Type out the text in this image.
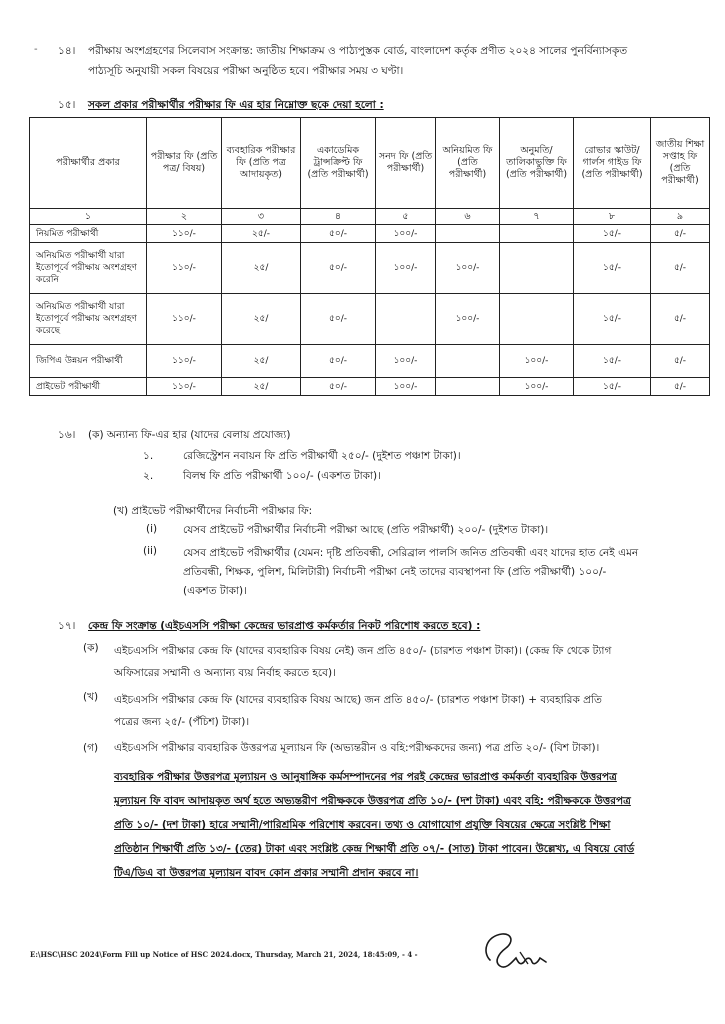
- ১৪। পরীক্ষায় অংশগ্রহণের সিলেবাস সংক্রান্ত: জাতীয় শিক্ষাক্রম ও পাঠ্যপুস্তক বোর্ড, বাংলাদেশ কর্তৃক প্রণীত ২০২৪ সালের পুনর্বিন্যাসকৃত
পাঠ্যসূচি অনুযায়ী সকল বিষয়ের পরীক্ষা অনুষ্ঠিত হবে। পরীক্ষার সময় ৩ ঘণ্টা।
১৫। সকল প্রকার পরীক্ষার্থীর পরীক্ষার ফি এর হার নিম্নোক্ত ছকে দেয়া হলো :
পরীক্ষার্থীর প্রকার	পরীক্ষার ফি (প্রতি পত্র/ বিষয়)	ব্যবহারিক পরীক্ষার ফি (প্রতি পত্র আদায়কৃত)	একাডেমিক ট্রান্সক্রিপ্ট ফি (প্রতি পরীক্ষার্থী)	সনদ ফি (প্রতি পরীক্ষার্থী)	অনিয়মিত ফি (প্রতি পরীক্ষার্থী)	অনুমতি/ তালিকাভুক্তি ফি (প্রতি পরীক্ষার্থী)	রোভার স্কাউট/গার্লস গাইড ফি (প্রতি পরীক্ষার্থী)	জাতীয় শিক্ষা সপ্তাহ ফি (প্রতি পরীক্ষার্থী)
১	২	৩	৪	৫	৬	৭	৮	৯
নিয়মিত পরীক্ষার্থী	১১০/-	২৫/-	৫০/-	১০০/-			১৫/-	৫/-
অনিয়মিত পরীক্ষার্থী যারা ইতোপূর্বে পরীক্ষায় অংশগ্রহণ করেনি	১১০/-	২৫/	৫০/-	১০০/-	১০০/-		১৫/-	৫/-
অনিয়মিত পরীক্ষার্থী যারা ইতোপূর্বে পরীক্ষায় অংশগ্রহণ করেছে	১১০/-	২৫/	৫০/-		১০০/-		১৫/-	৫/-
জিপিএ উন্নয়ন পরীক্ষার্থী	১১০/-	২৫/	৫০/-	১০০/-		১০০/-	১৫/-	৫/-
প্রাইভেট পরীক্ষার্থী	১১০/-	২৫/	৫০/-	১০০/-		১০০/-	১৫/-	৫/-
১৬। (ক) অন্যান্য ফি-এর হার (যাদের বেলায় প্রযোজ্য)
১.	রেজিস্ট্রেশন নবায়ন ফি প্রতি পরীক্ষার্থী ২৫০/- (দুইশত পঞ্চাশ টাকা)।
২.	বিলম্ব ফি প্রতি পরীক্ষার্থী ১০০/- (একশত টাকা)।
(খ) প্রাইভেট পরীক্ষার্থীদের নির্বাচনী পরীক্ষার ফি:
(i) যেসব প্রাইভেট পরীক্ষার্থীর নির্বাচনী পরীক্ষা আছে (প্রতি পরীক্ষার্থী) ২০০/- (দুইশত টাকা)।
(ii) যেসব প্রাইভেট পরীক্ষার্থীর (যেমন: দৃষ্টি প্রতিবন্ধী, সেরিব্রাল পালসি জনিত প্রতিবন্ধী এবং যাদের হাত নেই এমন
প্রতিবন্ধী, শিক্ষক, পুলিশ, মিলিটারী) নির্বাচনী পরীক্ষা নেই তাদের ব্যবস্থাপনা ফি (প্রতি পরীক্ষার্থী) ১০০/-
(একশত টাকা)।
১৭। কেন্দ্র ফি সংক্রান্ত (এইচএসসি পরীক্ষা কেন্দ্রের ভারপ্রাপ্ত কর্মকর্তার নিকট পরিশোধ করতে হবে) :
(ক) এইচএসসি পরীক্ষার কেন্দ্র ফি (যাদের ব্যবহারিক বিষয় নেই) জন প্রতি ৪৫০/- (চারশত পঞ্চাশ টাকা)। (কেন্দ্র ফি থেকে ট্যাগ
অফিসারের সম্মানী ও অন্যান্য ব্যয় নির্বাহ করতে হবে)।
(খ) এইচএসসি পরীক্ষার কেন্দ্র ফি (যাদের ব্যবহারিক বিষয় আছে) জন প্রতি ৪৫০/- (চারশত পঞ্চাশ টাকা) + ব্যবহারিক প্রতি
পত্রের জন্য ২৫/- (পঁচিশ) টাকা)।
(গ) এইচএসসি পরীক্ষার ব্যবহারিক উত্তরপত্র মূল্যায়ন ফি (অভ্যন্তরীন ও বহি:পরীক্ষকদের জন্য) পত্র প্রতি ২০/- (বিশ টাকা)।
ব্যবহারিক পরীক্ষার উত্তরপত্র মূল্যায়ন ও আনুষাঙ্গিক কর্মসম্পাদনের পর পরই কেন্দ্রের ভারপ্রাপ্ত কর্মকর্তা ব্যবহারিক উত্তরপত্র
মূল্যায়ন ফি বাবদ আদায়কৃত অর্থ হতে অভ্যন্তরীণ পরীক্ষককে উত্তরপত্র প্রতি ১০/- (দশ টাকা) এবং বহি: পরীক্ষককে উত্তরপত্র
প্রতি ১০/- (দশ টাকা) হারে সম্মানী/পারিশ্রমিক পরিশোধ করবেন। তথ্য ও যোগাযোগ প্রযুক্তি বিষয়ের ক্ষেত্রে সংশ্লিষ্ট শিক্ষা
প্রতিষ্ঠান শিক্ষার্থী প্রতি ১৩/- (তের) টাকা এবং সংশ্লিষ্ট কেন্দ্র শিক্ষার্থী প্রতি ০৭/- (সাত) টাকা পাবেন। উল্লেখ্য, এ বিষয়ে বোর্ড
টিএ/ডিএ বা উত্তরপত্র মূল্যায়ন বাবদ কোন প্রকার সম্মানী প্রদান করবে না।
E:\HSC\HSC 2024\Form Fill up Notice of HSC 2024.docx, Thursday, March 21, 2024, 18:45:09, - 4 -
